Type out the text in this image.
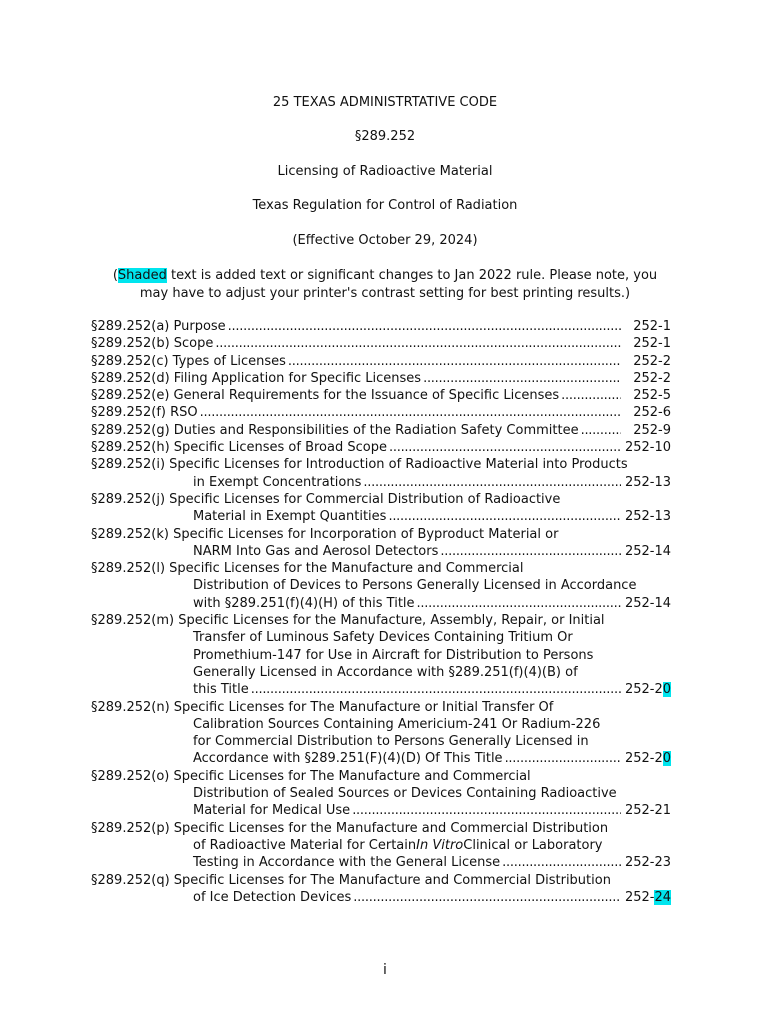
25 TEXAS ADMINISTRTATIVE CODE
§289.252
Licensing of Radioactive Material
Texas Regulation for Control of Radiation
(Effective October 29, 2024)
(Shaded text is added text or significant changes to Jan 2022 rule. Please note, you
may have to adjust your printer's contrast setting for best printing results.)
§289.252(a) Purpose . . .	252-1
§289.252(b) Scope . . .	252-1
§289.252(c) Types of Licenses . . .	252-2
§289.252(d) Filing Application for Specific Licenses . . .	252-2
§289.252(e) General Requirements for the Issuance of Specific Licenses . . .	252-5
§289.252(f) RSO . . .	252-6
§289.252(g) Duties and Responsibilities of the Radiation Safety Committee . . .	252-9
§289.252(h) Specific Licenses of Broad Scope . . .	252-10
§289.252(i) Specific Licenses for Introduction of Radioactive Material into Products
in Exempt Concentrations . . .	252-13
§289.252(j) Specific Licenses for Commercial Distribution of Radioactive
Material in Exempt Quantities . . .	252-13
§289.252(k) Specific Licenses for Incorporation of Byproduct Material or
NARM Into Gas and Aerosol Detectors . . .	252-14
§289.252(l) Specific Licenses for the Manufacture and Commercial
Distribution of Devices to Persons Generally Licensed in Accordance
with §289.251(f)(4)(H) of this Title . . .	252-14
§289.252(m) Specific Licenses for the Manufacture, Assembly, Repair, or Initial
Transfer of Luminous Safety Devices Containing Tritium Or
Promethium-147 for Use in Aircraft for Distribution to Persons
Generally Licensed in Accordance with §289.251(f)(4)(B) of
this Title . . .	252-20
§289.252(n) Specific Licenses for The Manufacture or Initial Transfer Of
Calibration Sources Containing Americium-241 Or Radium-226
for Commercial Distribution to Persons Generally Licensed in
Accordance with §289.251(F)(4)(D) Of This Title . . .	252-20
§289.252(o) Specific Licenses for The Manufacture and Commercial
Distribution of Sealed Sources or Devices Containing Radioactive
Material for Medical Use . . .	252-21
§289.252(p) Specific Licenses for the Manufacture and Commercial Distribution
of Radioactive Material for Certain In Vitro Clinical or Laboratory
Testing in Accordance with the General License . . .	252-23
§289.252(q) Specific Licenses for The Manufacture and Commercial Distribution
of Ice Detection Devices . . .	252-24
i
